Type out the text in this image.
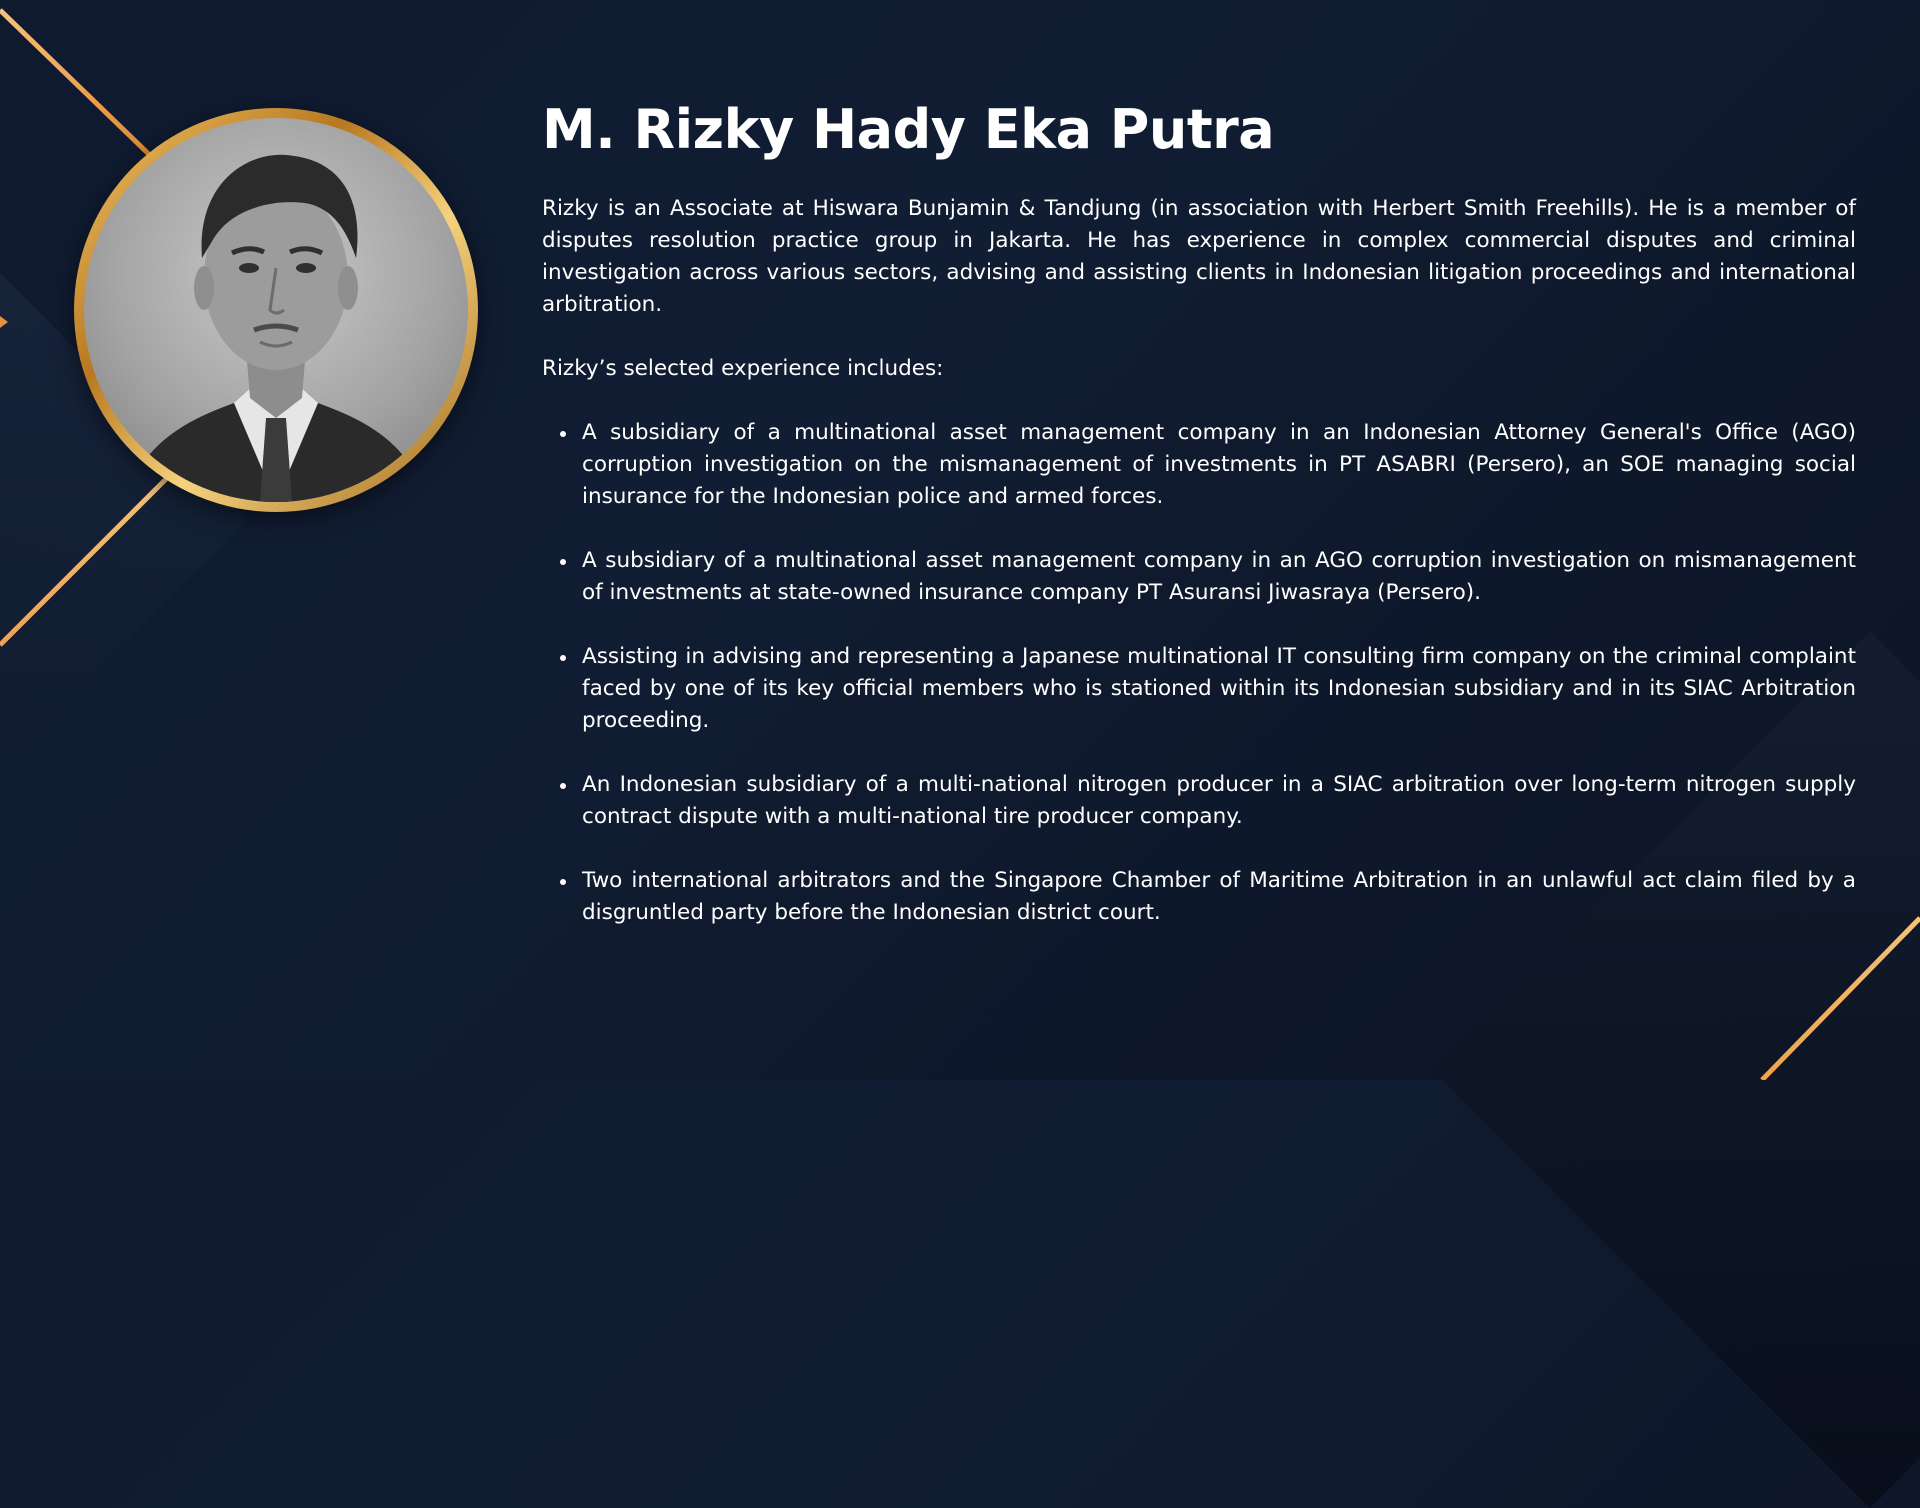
M. Rizky Hady Eka Putra

Rizky is an Associate at Hiswara Bunjamin & Tandjung (in association with Herbert Smith Freehills). He is a member of disputes resolution practice group in Jakarta. He has experience in complex commercial disputes and criminal investigation across various sectors, advising and assisting clients in Indonesian litigation proceedings and international arbitration.

Rizky’s selected experience includes:

A subsidiary of a multinational asset management company in an Indonesian Attorney General's Office (AGO) corruption investigation on the mismanagement of investments in PT ASABRI (Persero), an SOE managing social insurance for the Indonesian police and armed forces.
A subsidiary of a multinational asset management company in an AGO corruption investigation on mismanagement of investments at state-owned insurance company PT Asuransi Jiwasraya (Persero).
Assisting in advising and representing a Japanese multinational IT consulting firm company on the criminal complaint faced by one of its key official members who is stationed within its Indonesian subsidiary and in its SIAC Arbitration proceeding.
An Indonesian subsidiary of a multi-national nitrogen producer in a SIAC arbitration over long-term nitrogen supply contract dispute with a multi-national tire producer company.
Two international arbitrators and the Singapore Chamber of Maritime Arbitration in an unlawful act claim filed by a disgruntled party before the Indonesian district court.
